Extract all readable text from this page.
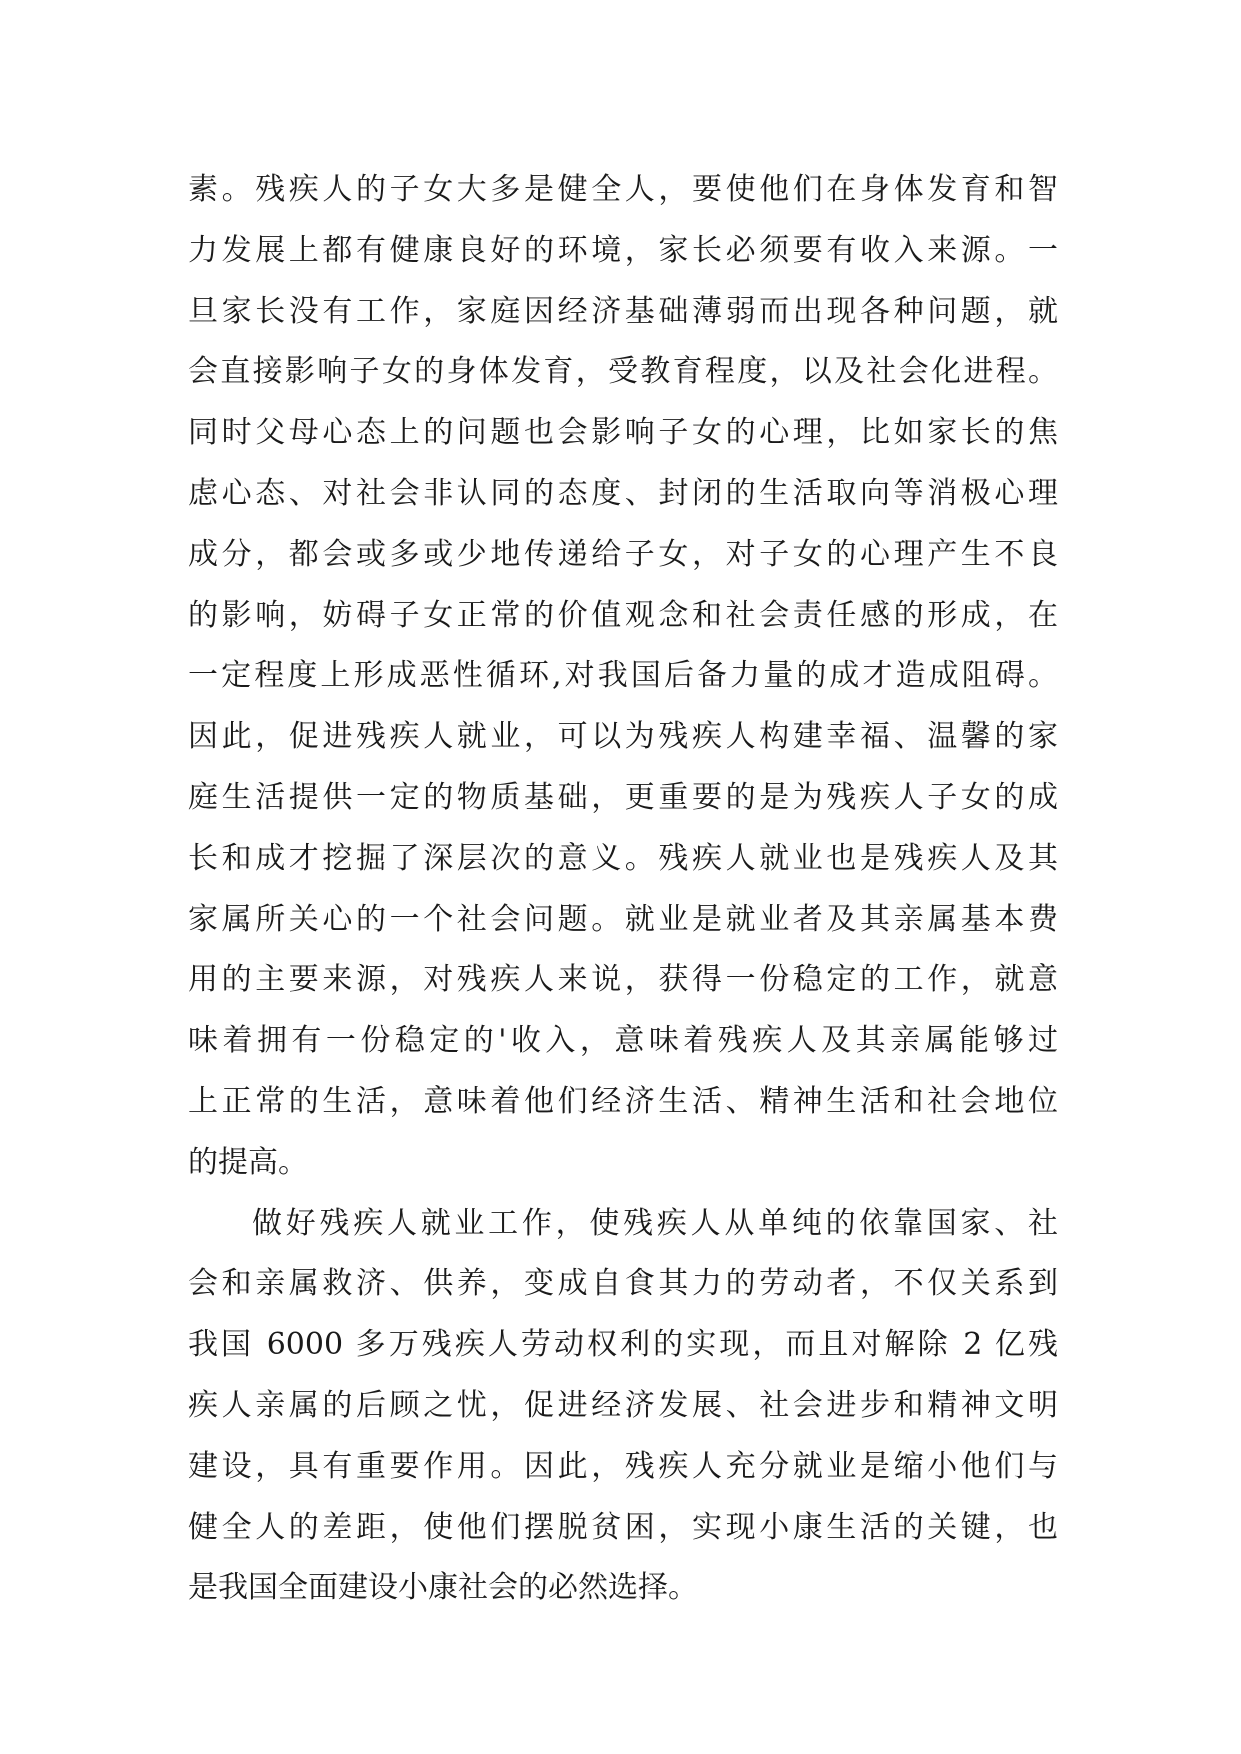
素。残疾人的子女大多是健全人，要使他们在身体发育和智
力发展上都有健康良好的环境，家长必须要有收入来源。一
旦家长没有工作，家庭因经济基础薄弱而出现各种问题，就
会直接影响子女的身体发育，受教育程度，以及社会化进程。
同时父母心态上的问题也会影响子女的心理，比如家长的焦
虑心态、对社会非认同的态度、封闭的生活取向等消极心理
成分，都会或多或少地传递给子女，对子女的心理产生不良
的影响，妨碍子女正常的价值观念和社会责任感的形成，在
一定程度上形成恶性循环,对我国后备力量的成才造成阻碍。
因此，促进残疾人就业，可以为残疾人构建幸福、温馨的家
庭生活提供一定的物质基础，更重要的是为残疾人子女的成
长和成才挖掘了深层次的意义。残疾人就业也是残疾人及其
家属所关心的一个社会问题。就业是就业者及其亲属基本费
用的主要来源，对残疾人来说，获得一份稳定的工作，就意
味着拥有一份稳定的'收入，意味着残疾人及其亲属能够过
上正常的生活，意味着他们经济生活、精神生活和社会地位
的提高。
做好残疾人就业工作，使残疾人从单纯的依靠国家、社
会和亲属救济、供养，变成自食其力的劳动者，不仅关系到
我国 6000 多万残疾人劳动权利的实现，而且对解除 2 亿残
疾人亲属的后顾之忧，促进经济发展、社会进步和精神文明
建设，具有重要作用。因此，残疾人充分就业是缩小他们与
健全人的差距，使他们摆脱贫困，实现小康生活的关键，也
是我国全面建设小康社会的必然选择。
